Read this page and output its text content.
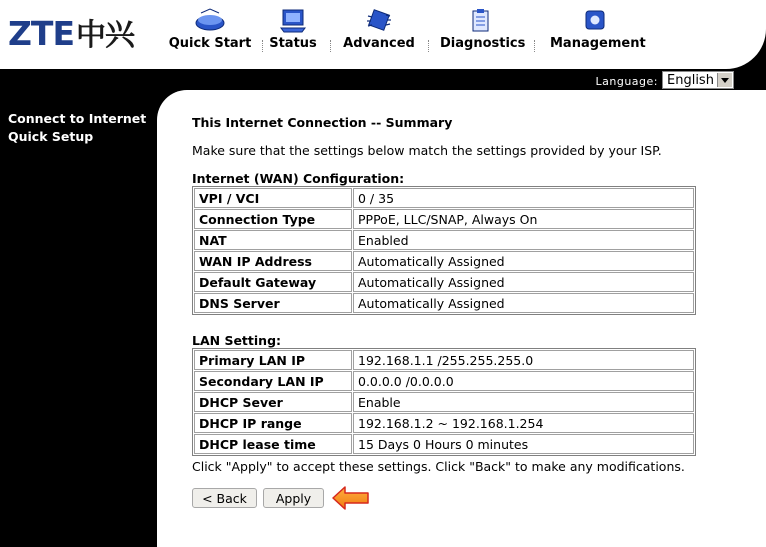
ZTE中兴	Quick Start	Status	Advanced Diagnostics Management
Language: English
Connect to Internet
Quick Setup
This Internet Connection -- Summary
Make sure that the settings below match the settings provided by your ISP.
Internet (WAN) Configuration:
VPI / VCI	0 / 35
Connection Type	PPPoE, LLC/SNAP, Always On
NAT	Enabled
WAN IP Address	Automatically Assigned
Default Gateway	Automatically Assigned
DNS Server	Automatically Assigned
LAN Setting:
Primary LAN IP	192.168.1.1 /255.255.255.0
Secondary LAN IP	0.0.0.0 /0.0.0.0
DHCP Sever	Enable
DHCP IP range	192.168.1.2 ~ 192.168.1.254
DHCP lease time	15 Days 0 Hours 0 minutes
Click "Apply" to accept these settings. Click "Back" to make any modifications.
< Back	Apply
